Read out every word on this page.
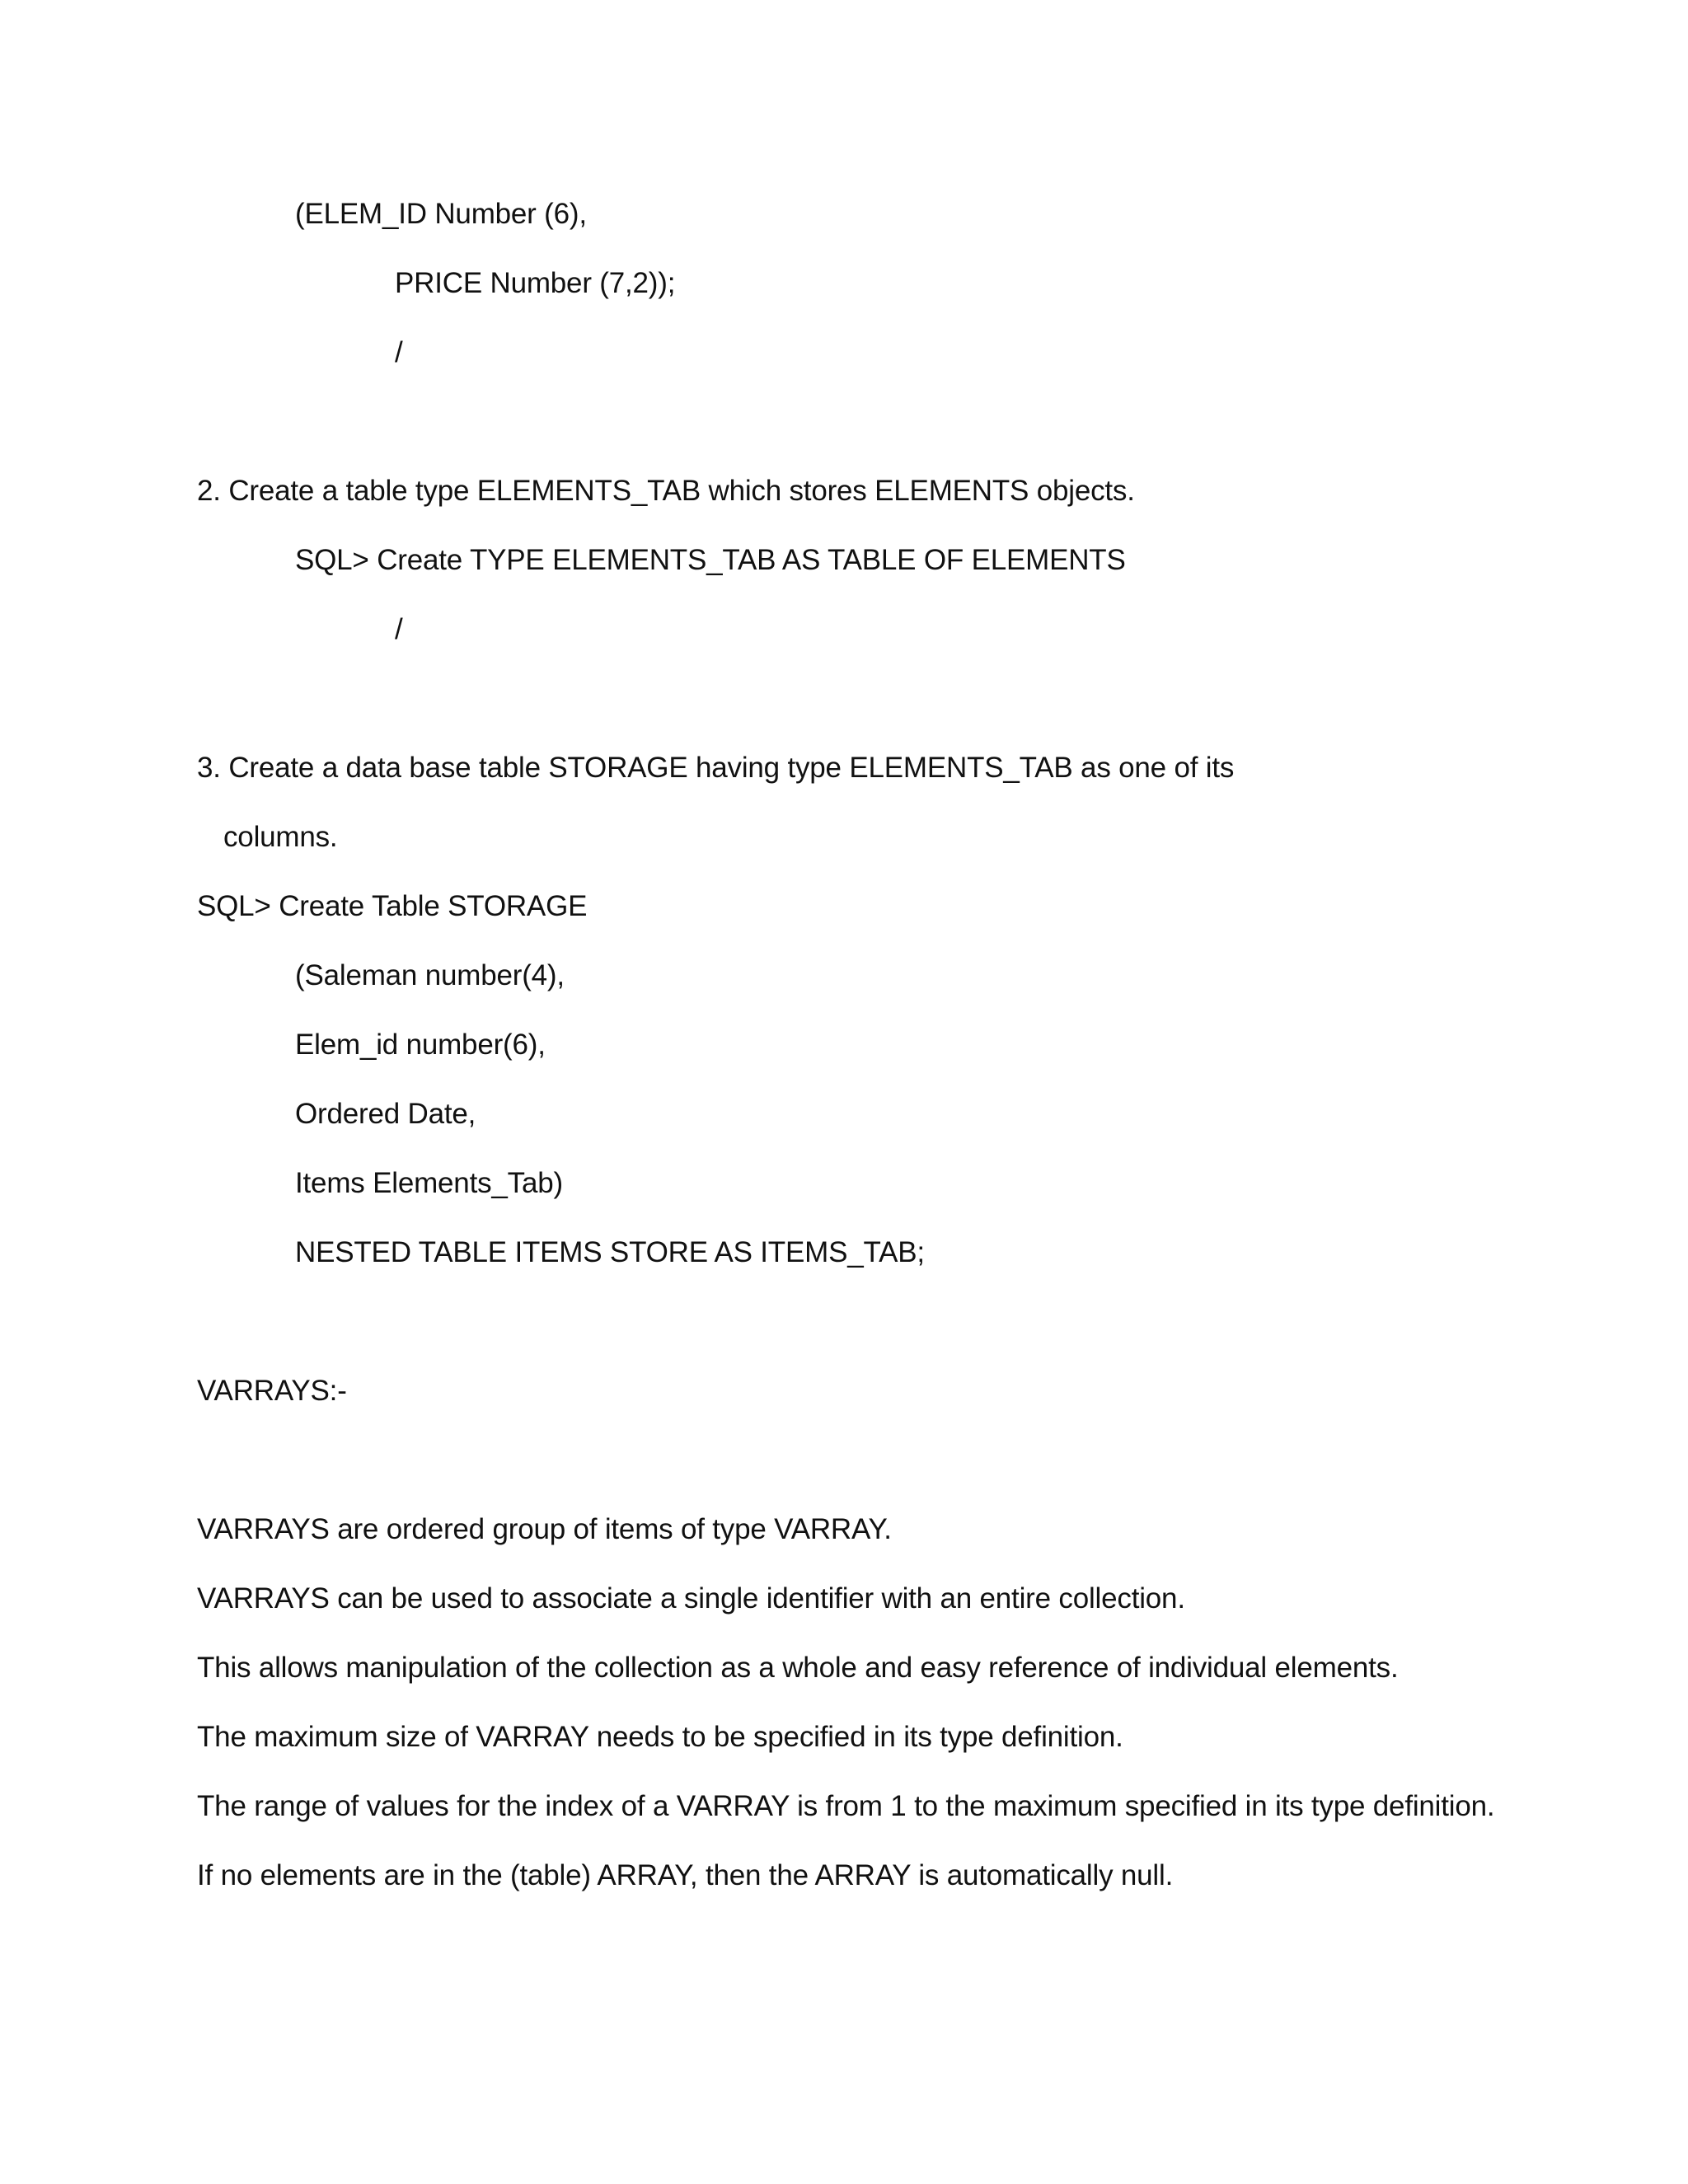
(ELEM_ID Number (6),
PRICE Number (7,2));
/
2. Create a table type ELEMENTS_TAB which stores ELEMENTS objects.
SQL> Create TYPE ELEMENTS_TAB AS TABLE OF ELEMENTS
/
3. Create a data base table STORAGE having type ELEMENTS_TAB as one of its
columns.
SQL> Create Table STORAGE
(Saleman number(4),
Elem_id number(6),
Ordered Date,
Items Elements_Tab)
NESTED TABLE ITEMS STORE AS ITEMS_TAB;
VARRAYS:-
VARRAYS are ordered group of items of type VARRAY.
VARRAYS can be used to associate a single identifier with an entire collection.
This allows manipulation of the collection as a whole and easy reference of individual elements.
The maximum size of VARRAY needs to be specified in its type definition.
The range of values for the index of a VARRAY is from 1 to the maximum specified in its type definition.
If no elements are in the (table) ARRAY, then the ARRAY is automatically null.
